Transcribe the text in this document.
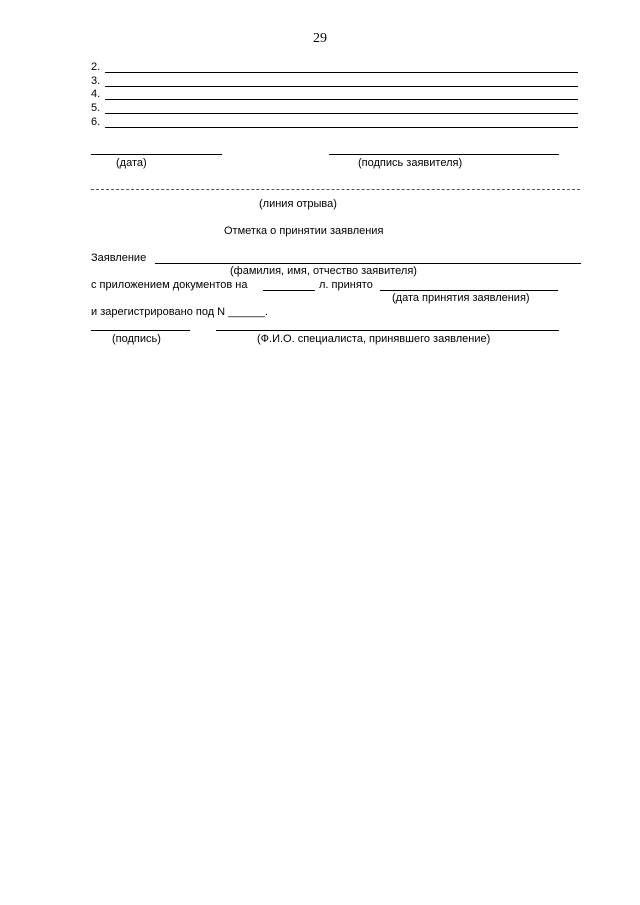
29
2.
3.
4.
5.
6.
(дата)	(подпись заявителя)
(линия отрыва)
Отметка о принятии заявления
Заявление
(фамилия, имя, отчество заявителя)
с приложением документов на	л. принято
(дата принятия заявления)
и зарегистрировано под N ______.
(подпись)	(Ф.И.О. специалиста, принявшего заявление)
